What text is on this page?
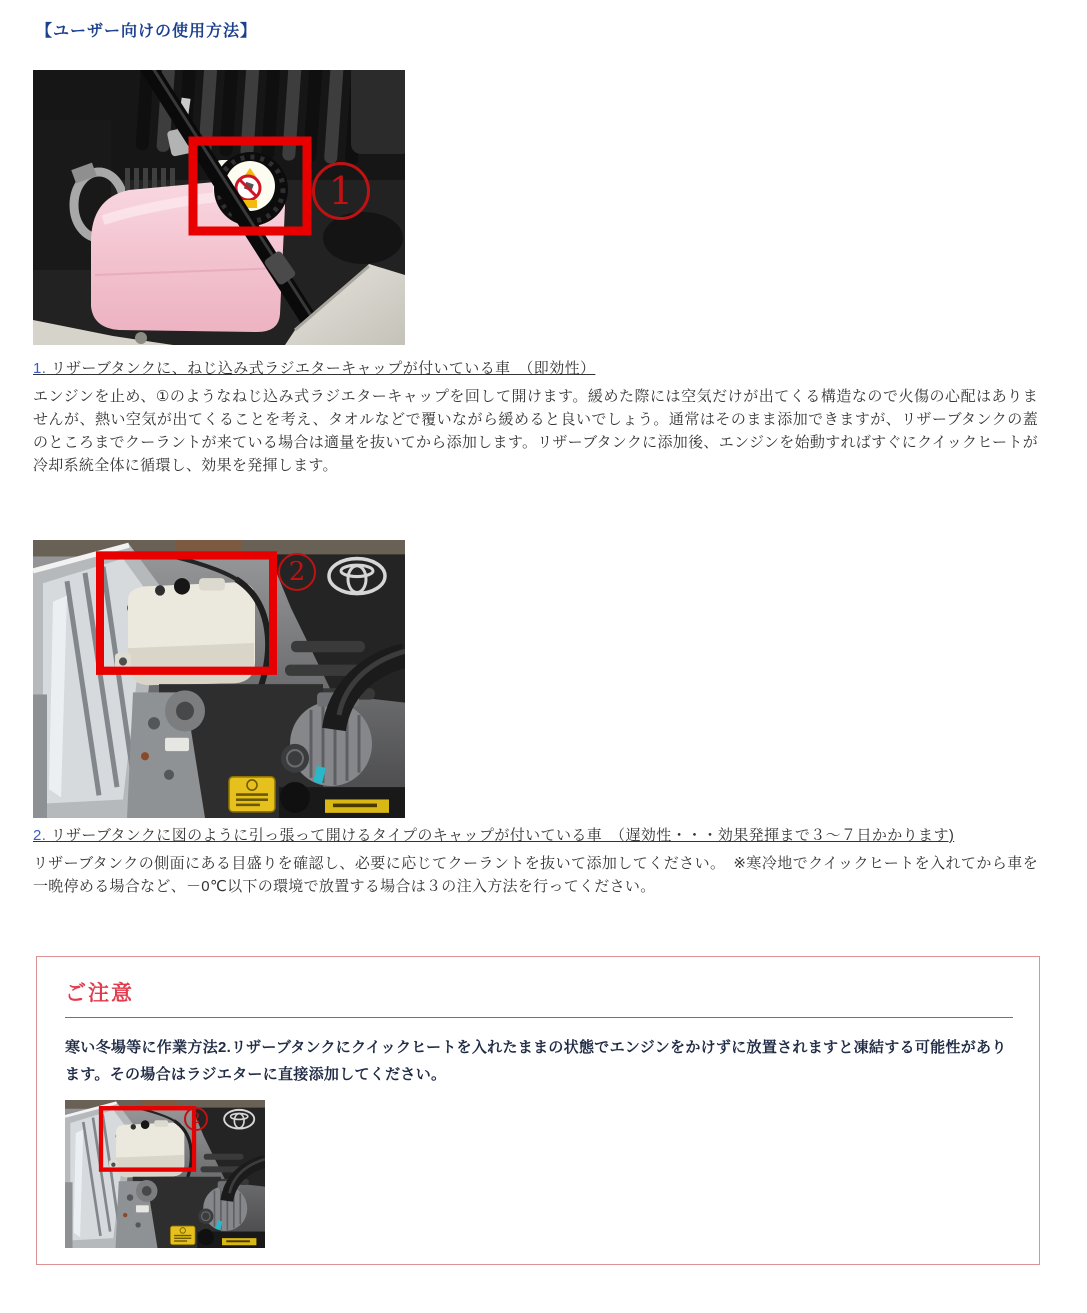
【ユーザー向けの使用方法】
1
1. リザーブタンクに、ねじ込み式ラジエターキャップが付いている車　（即効性）

エンジンを止め、①のようなねじ込み式ラジエターキャップを回して開けます。緩めた際には空気だけが出てくる構造なので火傷の心配はありませんが、熱い空気が出てくることを考え、タオルなどで覆いながら緩めると良いでしょう。通常はそのまま添加できますが、リザーブタンクの蓋のところまでクーラントが来ている場合は適量を抜いてから添加します。リザーブタンクに添加後、エンジンを始動すればすぐにクイックヒートが冷却系統全体に循環し、効果を発揮します。

2
2. リザーブタンクに図のように引っ張って開けるタイプのキャップが付いている車　（遅効性・・・効果発揮まで３～７日かかります)

リザーブタンクの側面にある目盛りを確認し、必要に応じてクーラントを抜いて添加してください。　※寒冷地でクイックヒートを入れてから車を一晩停める場合など、－0℃以下の環境で放置する場合は３の注入方法を行ってください。

ご注意

寒い冬場等に作業方法2.リザーブタンクにクイックヒートを入れたままの状態でエンジンをかけずに放置されますと凍結する可能性があります。その場合はラジエターに直接添加してください。

2
